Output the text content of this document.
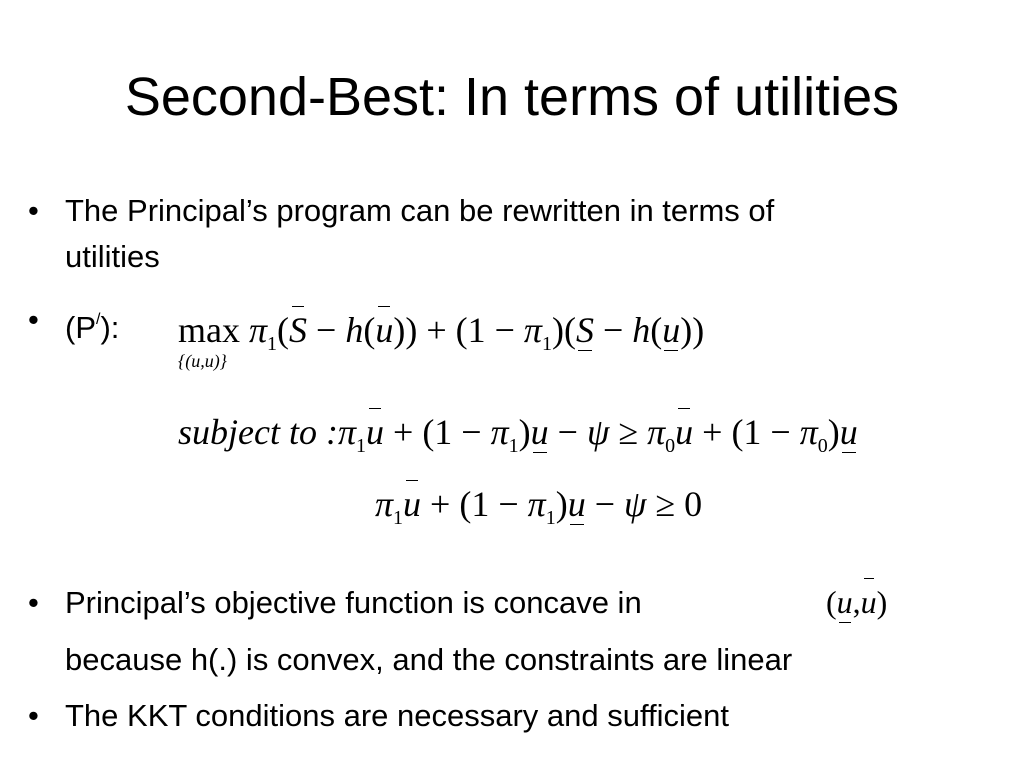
Second-Best: In terms of utilities
• The Principal’s program can be rewritten in terms of
utilities
• (P/): $\max \pi_1(S - h(u)) + (1 - \pi_1)(S - h(u))$
{(u,u)}
subject to $:\pi_1u + (1 - \pi_1)u - \psi \ge \pi_0u + (1 - \pi_0)u$
$\pi_1u + (1 - \pi_1)u - \psi \ge 0$
• Principal’s objective function is concave in	(u,u)
because h(.) is convex, and the constraints are linear
• The KKT conditions are necessary and sufficient
